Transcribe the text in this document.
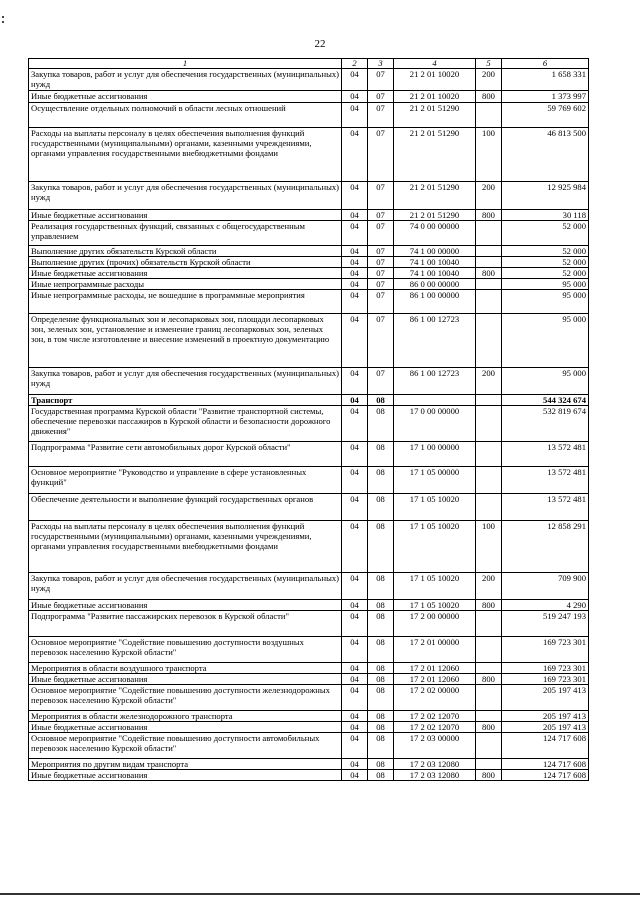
22
1	2	3	4	5	6
Закупка товаров, работ и услуг для обеспечения государственных (муниципальных) нужд	04	07	21 2 01 10020	200	1 658 331
Иные бюджетные ассигнования	04	07	21 2 01 10020	800	1 373 997
Осуществление отдельных полномочий в области лесных отношений	04	07	21 2 01 51290		59 769 602
Расходы на выплаты персоналу в целях обеспечения выполнения функций государственными (муниципальными) органами, казенными учреждениями, органами управления государственными внебюджетными фондами	04	07	21 2 01 51290	100	46 813 500
Закупка товаров, работ и услуг для обеспечения государственных (муниципальных) нужд	04	07	21 2 01 51290	200	12 925 984
Иные бюджетные ассигнования	04	07	21 2 01 51290	800	30 118
Реализация государственных функций, связанных с общегосударственным управлением	04	07	74 0 00 00000		52 000
Выполнение других обязательств Курской области	04	07	74 1 00 00000		52 000
Выполнение других (прочих) обязательств Курской области	04	07	74 1 00 10040		52 000
Иные бюджетные ассигнования	04	07	74 1 00 10040	800	52 000
Иные непрограммные расходы	04	07	86 0 00 00000		95 000
Иные непрограммные расходы, не вошедшие в программные мероприятия	04	07	86 1 00 00000		95 000
Определение функциональных зон и лесопарковых зон, площади лесопарковых зон, зеленых зон, установление и изменение границ лесопарковых зон, зеленых зон, в том числе изготовление и внесение изменений в проектную документацию	04	07	86 1 00 12723		95 000
Закупка товаров, работ и услуг для обеспечения государственных (муниципальных) нужд	04	07	86 1 00 12723	200	95 000
Транспорт	04	08			544 324 674
Государственная программа Курской области "Развитие транспортной системы, обеспечение перевозки пассажиров в Курской области и безопасности дорожного движения"	04	08	17 0 00 00000		532 819 674
Подпрограмма "Развитие сети автомобильных дорог Курской области"	04	08	17 1 00 00000		13 572 481
Основное мероприятие "Руководство и управление в сфере установленных функций"	04	08	17 1 05 00000		13 572 481
Обеспечение деятельности и выполнение функций государственных органов	04	08	17 1 05 10020		13 572 481
Расходы на выплаты персоналу в целях обеспечения выполнения функций государственными (муниципальными) органами, казенными учреждениями, органами управления государственными внебюджетными фондами	04	08	17 1 05 10020	100	12 858 291
Закупка товаров, работ и услуг для обеспечения государственных (муниципальных) нужд	04	08	17 1 05 10020	200	709 900
Иные бюджетные ассигнования	04	08	17 1 05 10020	800	4 290
Подпрограмма "Развитие пассажирских перевозок в Курской области"	04	08	17 2 00 00000		519 247 193
Основное мероприятие "Содействие повышению доступности воздушных перевозок населению Курской области"	04	08	17 2 01 00000		169 723 301
Мероприятия в области воздушного транспорта	04	08	17 2 01 12060		169 723 301
Иные бюджетные ассигнования	04	08	17 2 01 12060	800	169 723 301
Основное мероприятие "Содействие повышению доступности железнодорожных перевозок населению Курской области"	04	08	17 2 02 00000		205 197 413
Мероприятия в области железнодорожного транспорта	04	08	17 2 02 12070		205 197 413
Иные бюджетные ассигнования	04	08	17 2 02 12070	800	205 197 413
Основное мероприятие "Содействие повышению доступности автомобильных перевозок населению Курской области"	04	08	17 2 03 00000		124 717 608
Мероприятия по другим видам транспорта	04	08	17 2 03 12080		124 717 608
Иные бюджетные ассигнования	04	08	17 2 03 12080	800	124 717 608
